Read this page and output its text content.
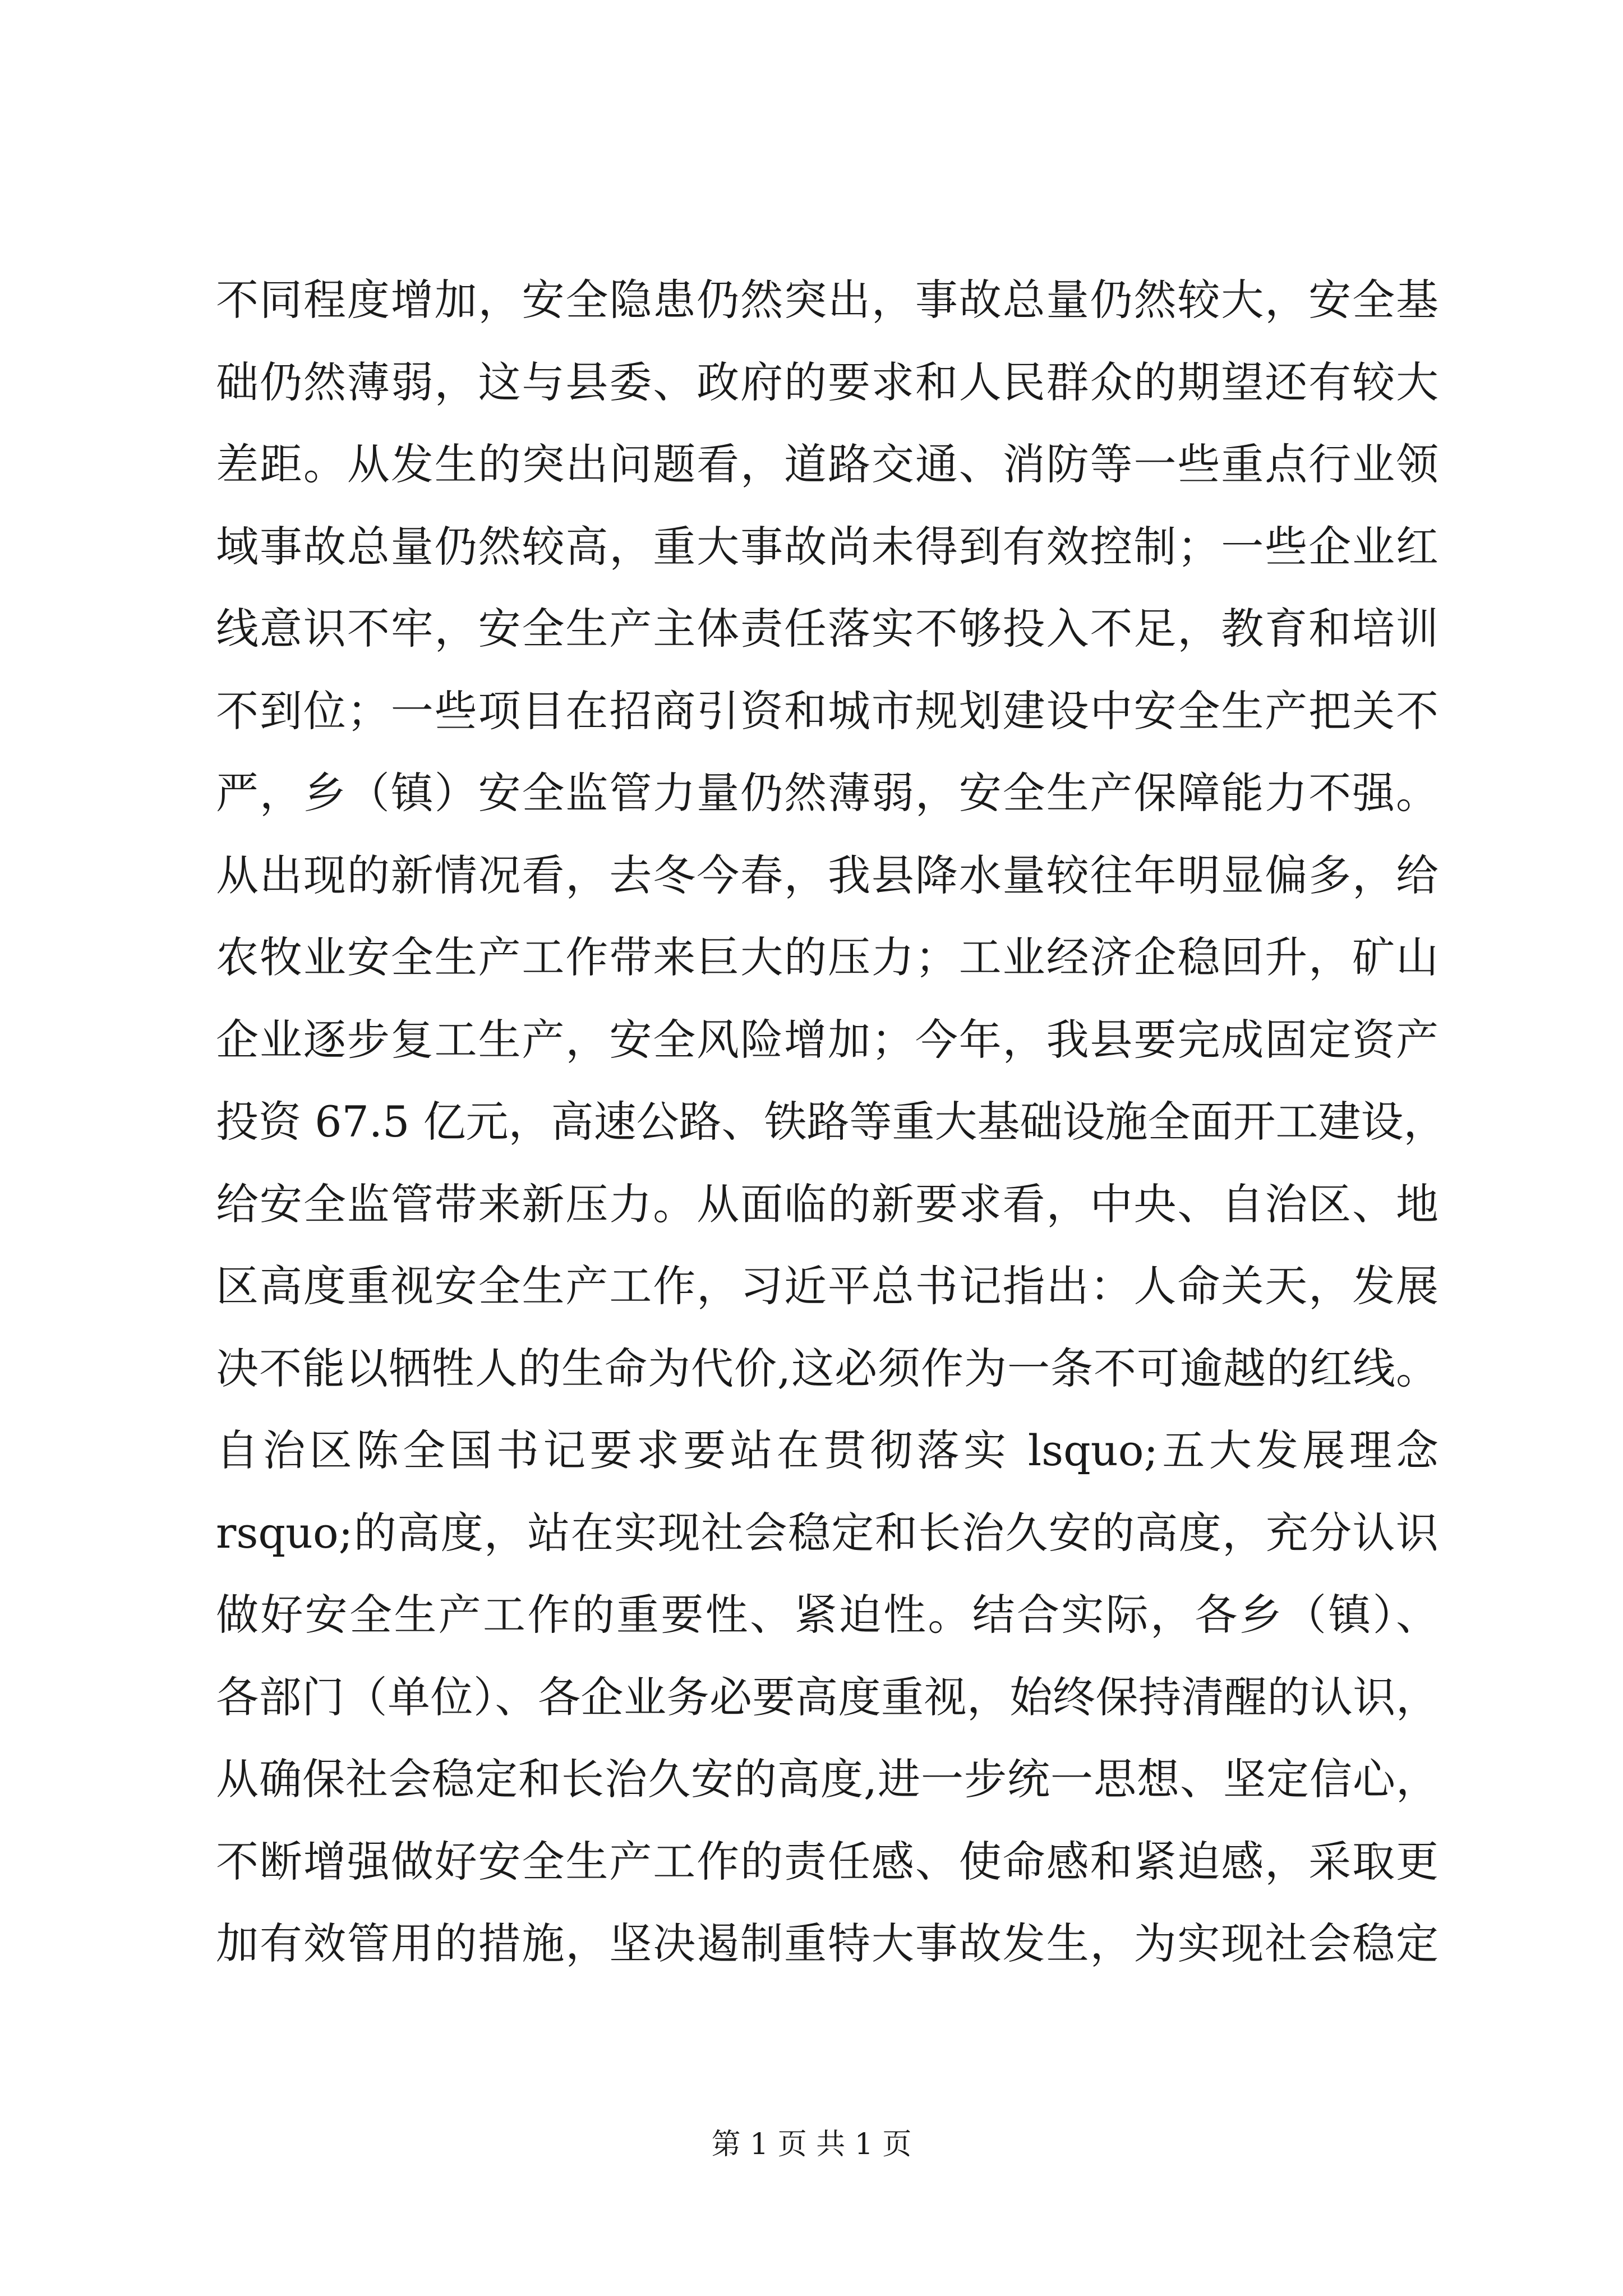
不同程度增加，安全隐患仍然突出，事故总量仍然较大，安全基
础仍然薄弱，这与县委、政府的要求和人民群众的期望还有较大
差距。从发生的突出问题看，道路交通、消防等一些重点行业领
域事故总量仍然较高，重大事故尚未得到有效控制；一些企业红
线意识不牢，安全生产主体责任落实不够投入不足，教育和培训
不到位；一些项目在招商引资和城市规划建设中安全生产把关不
严，乡（镇）安全监管力量仍然薄弱，安全生产保障能力不强。
从出现的新情况看，去冬今春，我县降水量较往年明显偏多，给
农牧业安全生产工作带来巨大的压力；工业经济企稳回升，矿山
企业逐步复工生产，安全风险增加；今年，我县要完成固定资产
投资 67.5 亿元，高速公路、铁路等重大基础设施全面开工建设，
给安全监管带来新压力。从面临的新要求看，中央、自治区、地
区高度重视安全生产工作，习近平总书记指出：人命关天，发展
决不能以牺牲人的生命为代价,这必须作为一条不可逾越的红线。
自治区陈全国书记要求要站在贯彻落实 lsquo;五大发展理念
rsquo;的高度，站在实现社会稳定和长治久安的高度，充分认识
做好安全生产工作的重要性、紧迫性。结合实际，各乡（镇）、
各部门（单位）、各企业务必要高度重视，始终保持清醒的认识，
从确保社会稳定和长治久安的高度,进一步统一思想、坚定信心，
不断增强做好安全生产工作的责任感、使命感和紧迫感，采取更
加有效管用的措施，坚决遏制重特大事故发生，为实现社会稳定
第 1 页 共 1 页
